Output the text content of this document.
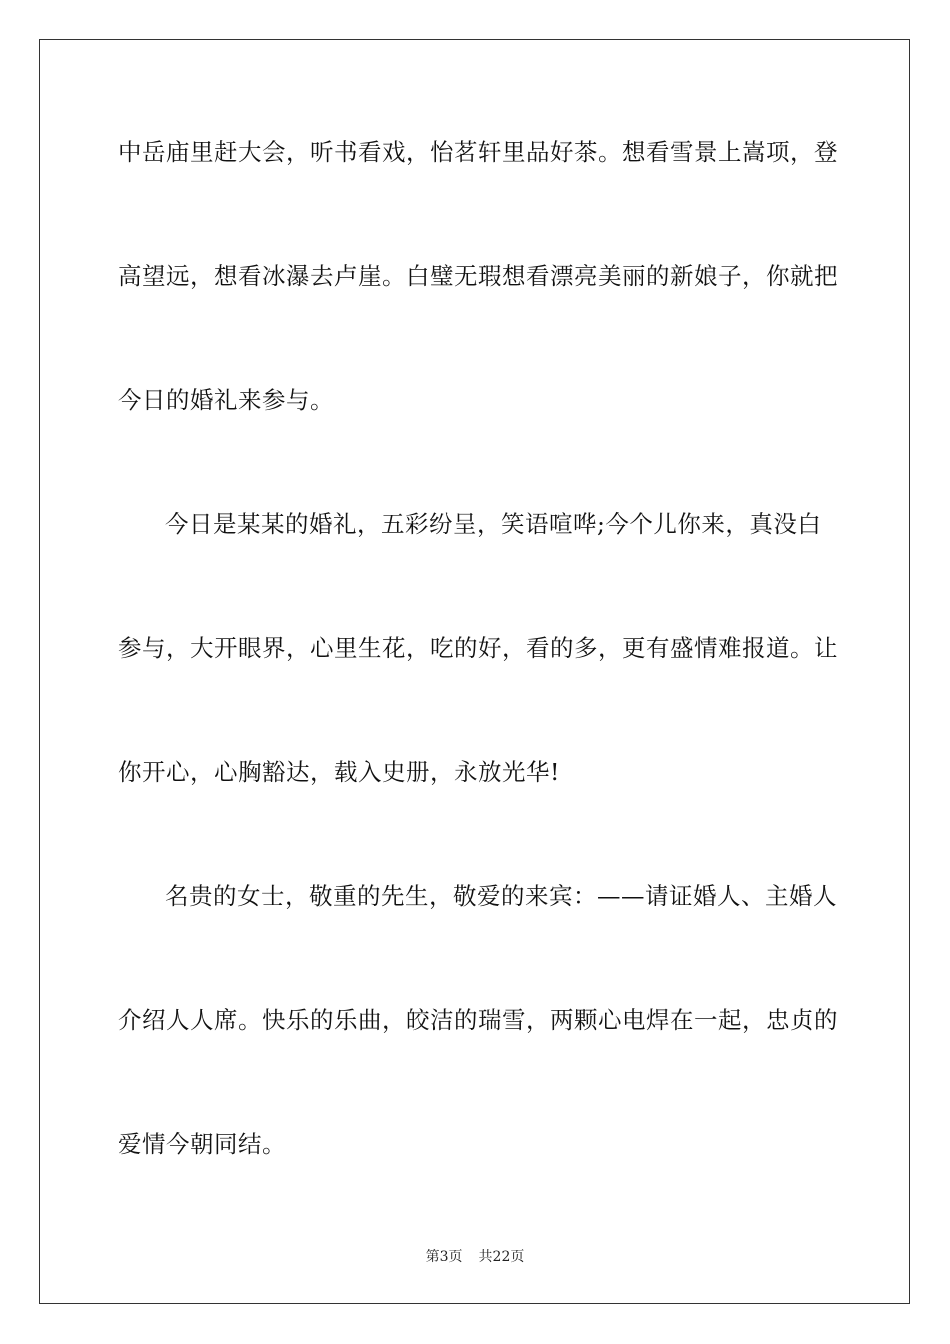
中岳庙里赶大会，听书看戏，怡茗轩里品好茶。想看雪景上嵩项，登
高望远，想看冰瀑去卢崖。白璧无瑕想看漂亮美丽的新娘子，你就把
今日的婚礼来参与。
今日是某某的婚礼，五彩纷呈，笑语喧哗;今个儿你来，真没白
参与，大开眼界，心里生花，吃的好，看的多，更有盛情难报道。让
你开心，心胸豁达，载入史册，永放光华!
名贵的女士，敬重的先生，敬爱的来宾：——请证婚人、主婚人
介绍人人席。快乐的乐曲，皎洁的瑞雪，两颗心电焊在一起，忠贞的
爱情今朝同结。
第3页 共22页
